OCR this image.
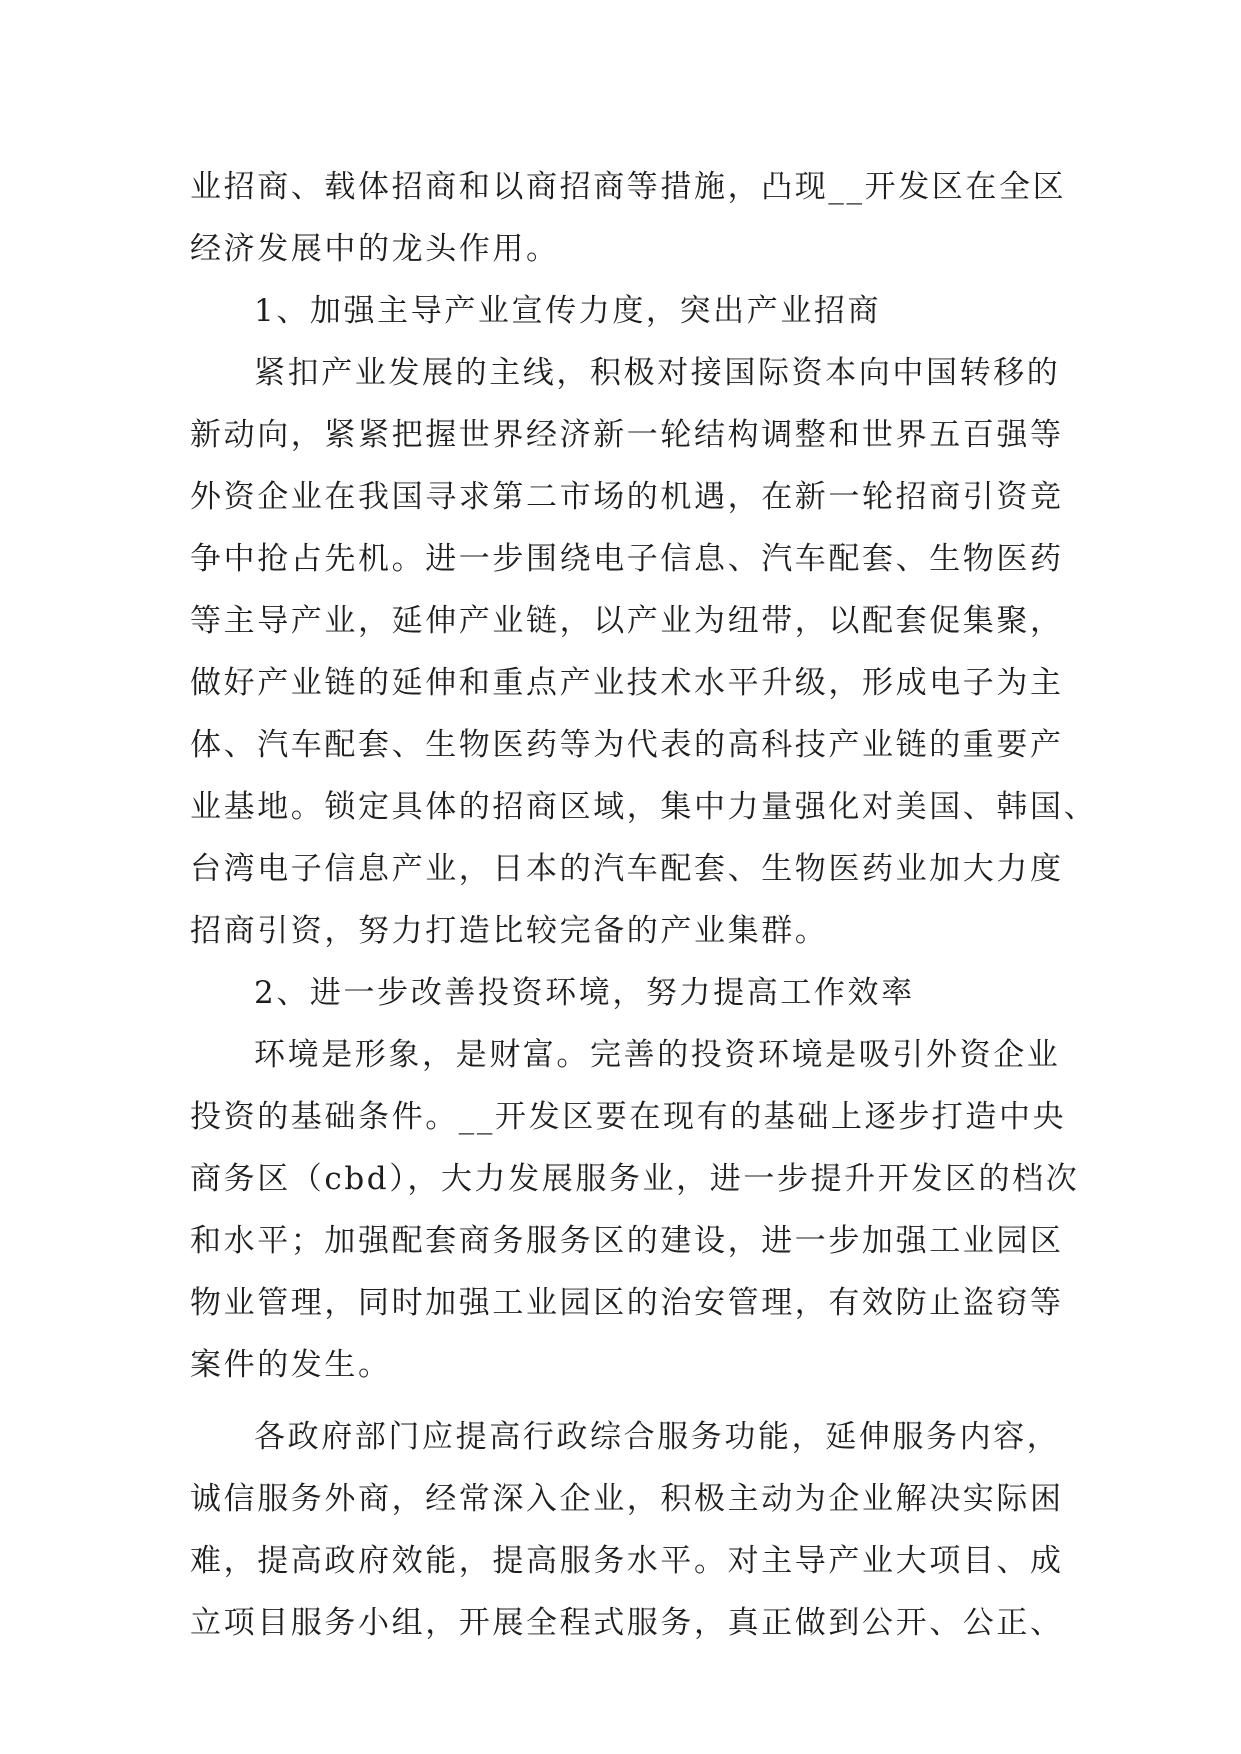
业招商、载体招商和以商招商等措施，凸现__开发区在全区
经济发展中的龙头作用。
1、加强主导产业宣传力度，突出产业招商
紧扣产业发展的主线，积极对接国际资本向中国转移的
新动向，紧紧把握世界经济新一轮结构调整和世界五百强等
外资企业在我国寻求第二市场的机遇，在新一轮招商引资竞
争中抢占先机。进一步围绕电子信息、汽车配套、生物医药
等主导产业，延伸产业链，以产业为纽带，以配套促集聚，
做好产业链的延伸和重点产业技术水平升级，形成电子为主
体、汽车配套、生物医药等为代表的高科技产业链的重要产
业基地。锁定具体的招商区域，集中力量强化对美国、韩国、
台湾电子信息产业，日本的汽车配套、生物医药业加大力度
招商引资，努力打造比较完备的产业集群。
2、进一步改善投资环境，努力提高工作效率
环境是形象，是财富。完善的投资环境是吸引外资企业
投资的基础条件。__开发区要在现有的基础上逐步打造中央
商务区（cbd），大力发展服务业，进一步提升开发区的档次
和水平；加强配套商务服务区的建设，进一步加强工业园区
物业管理，同时加强工业园区的治安管理，有效防止盗窃等
案件的发生。
各政府部门应提高行政综合服务功能，延伸服务内容，
诚信服务外商，经常深入企业，积极主动为企业解决实际困
难，提高政府效能，提高服务水平。对主导产业大项目、成
立项目服务小组，开展全程式服务，真正做到公开、公正、
